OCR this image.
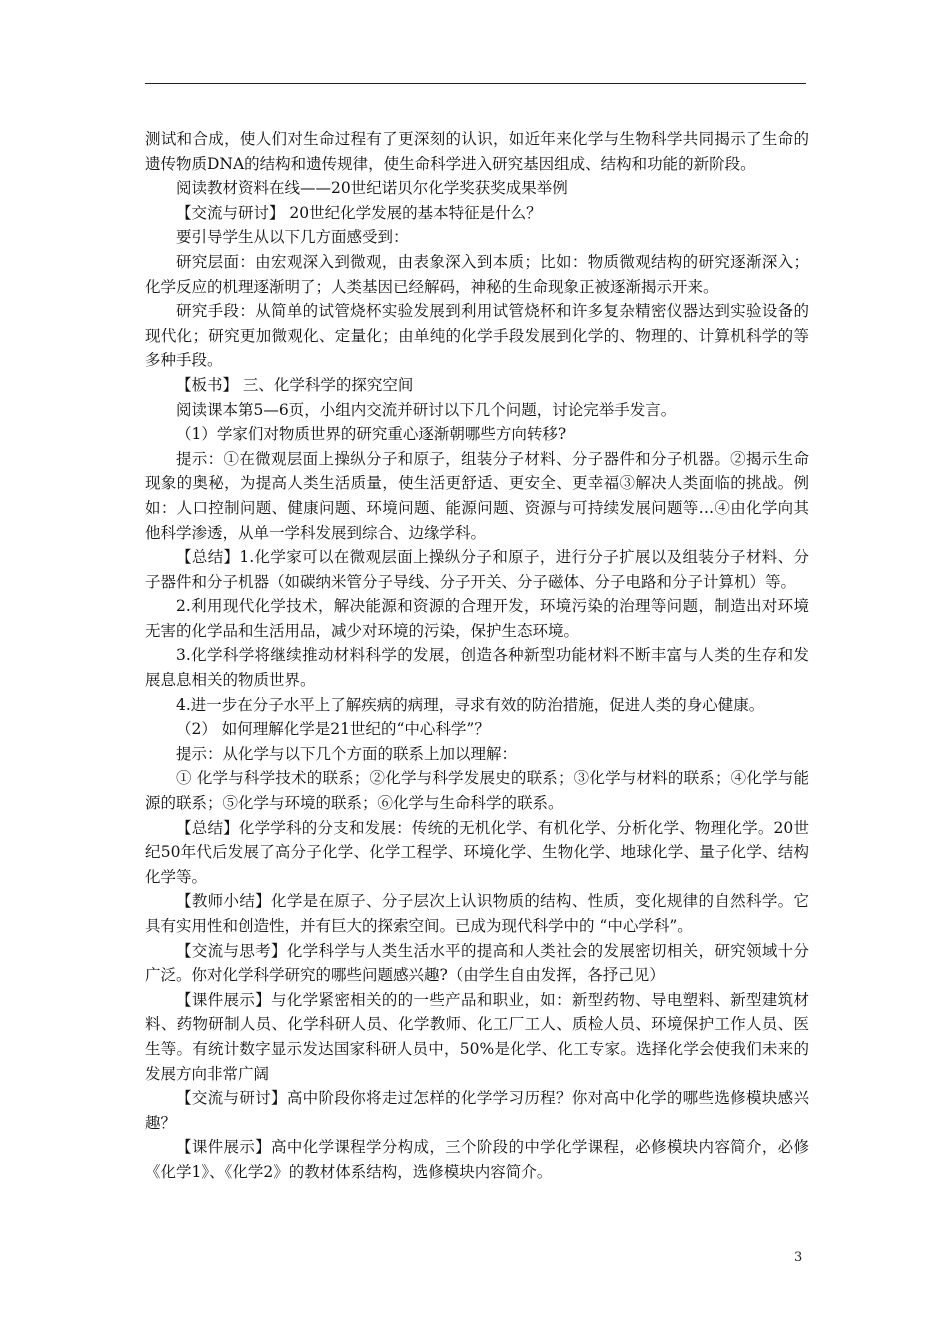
测试和合成，使人们对生命过程有了更深刻的认识，如近年来化学与生物科学共同揭示了生命的遗传物质DNA的结构和遗传规律，使生命科学进入研究基因组成、结构和功能的新阶段。

阅读教材资料在线——20世纪诺贝尔化学奖获奖成果举例

【交流与研讨】 20世纪化学发展的基本特征是什么？

要引导学生从以下几方面感受到：

研究层面：由宏观深入到微观，由表象深入到本质；比如：物质微观结构的研究逐渐深入；化学反应的机理逐渐明了；人类基因已经解码，神秘的生命现象正被逐渐揭示开来。

研究手段：从简单的试管烧杯实验发展到利用试管烧杯和许多复杂精密仪器达到实验设备的现代化；研究更加微观化、定量化；由单纯的化学手段发展到化学的、物理的、计算机科学的等多种手段。

【板书】 三、化学科学的探究空间

阅读课本第5—6页，小组内交流并研讨以下几个问题，讨论完举手发言。

（1）学家们对物质世界的研究重心逐渐朝哪些方向转移?

提示：①在微观层面上操纵分子和原子，组装分子材料、分子器件和分子机器。②揭示生命现象的奥秘，为提高人类生活质量，使生活更舒适、更安全、更幸福③解决人类面临的挑战。例如：人口控制问题、健康问题、环境问题、能源问题、资源与可持续发展问题等…④由化学向其他科学渗透，从单一学科发展到综合、边缘学科。

【总结】1.化学家可以在微观层面上操纵分子和原子，进行分子扩展以及组装分子材料、分子器件和分子机器（如碳纳米管分子导线、分子开关、分子磁体、分子电路和分子计算机）等。

2.利用现代化学技术，解决能源和资源的合理开发，环境污染的治理等问题，制造出对环境无害的化学品和生活用品，减少对环境的污染，保护生态环境。

3.化学科学将继续推动材料科学的发展，创造各种新型功能材料不断丰富与人类的生存和发展息息相关的物质世界。

4.进一步在分子水平上了解疾病的病理，寻求有效的防治措施，促进人类的身心健康。

（2） 如何理解化学是21世纪的“中心科学”？

提示：从化学与以下几个方面的联系上加以理解：

① 化学与科学技术的联系；②化学与科学发展史的联系；③化学与材料的联系；④化学与能源的联系；⑤化学与环境的联系；⑥化学与生命科学的联系。

【总结】化学学科的分支和发展：传统的无机化学、有机化学、分析化学、物理化学。20世纪50年代后发展了高分子化学、化学工程学、环境化学、生物化学、地球化学、量子化学、结构化学等。

【教师小结】化学是在原子、分子层次上认识物质的结构、性质，变化规律的自然科学。它具有实用性和创造性，并有巨大的探索空间。已成为现代科学中的 “中心学科”。

【交流与思考】化学科学与人类生活水平的提高和人类社会的发展密切相关，研究领域十分广泛。你对化学科学研究的哪些问题感兴趣?（由学生自由发挥，各抒己见）

【课件展示】与化学紧密相关的的一些产品和职业，如：新型药物、导电塑料、新型建筑材料、药物研制人员、化学科研人员、化学教师、化工厂工人、质检人员、环境保护工作人员、医生等。有统计数字显示发达国家科研人员中，50%是化学、化工专家。选择化学会使我们未来的发展方向非常广阔

【交流与研讨】高中阶段你将走过怎样的化学学习历程？你对高中化学的哪些选修模块感兴趣？

【课件展示】高中化学课程学分构成，三个阶段的中学化学课程，必修模块内容简介，必修《化学1》、《化学2》的教材体系结构，选修模块内容简介。

3
